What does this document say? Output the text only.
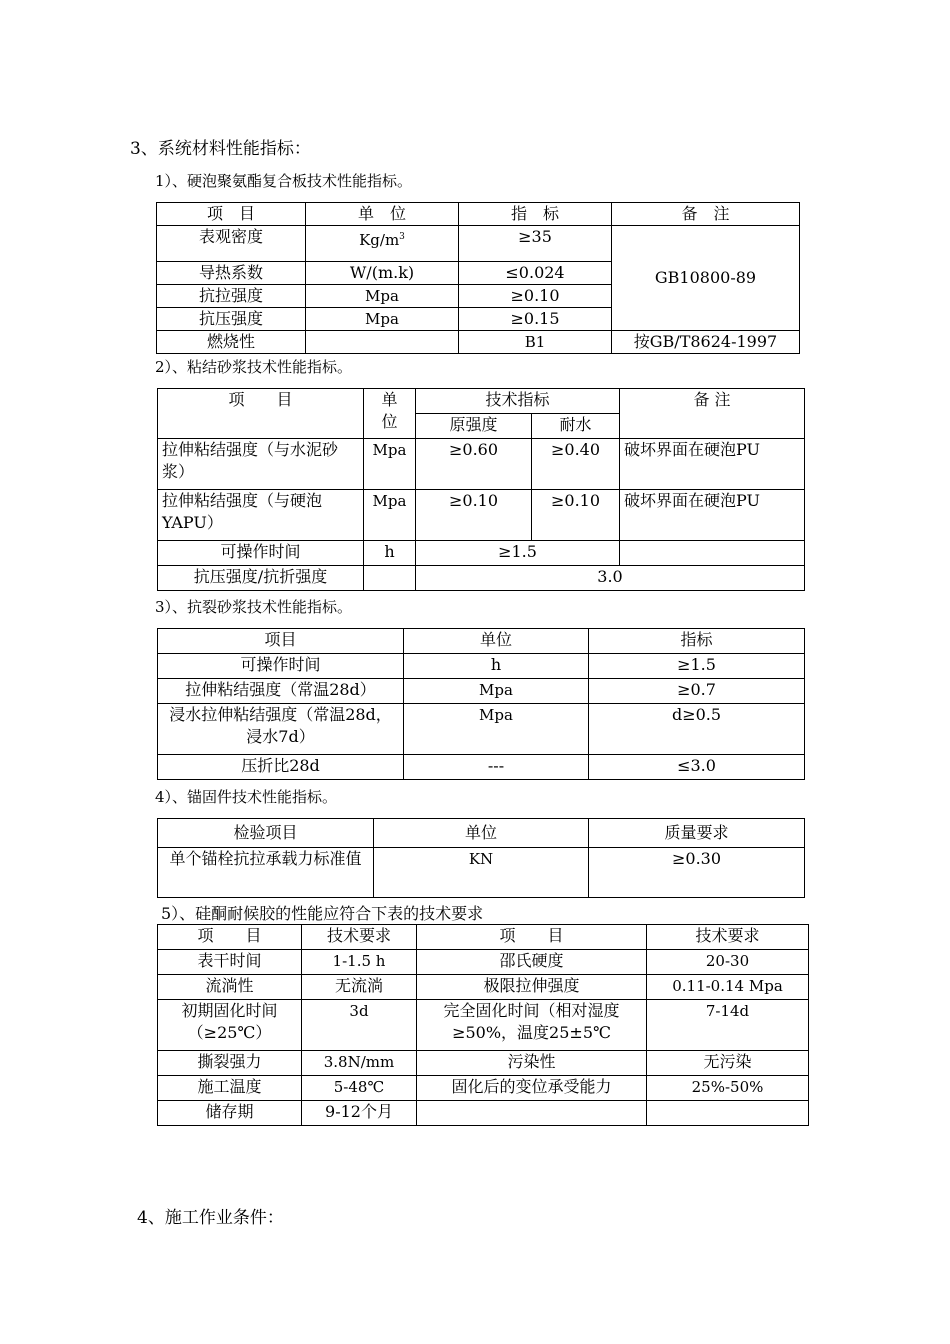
3、系统材料性能指标：
1）、硬泡聚氨酯复合板技术性能指标。
项　目	单　位	指　标	备　注
表观密度	$Kg/m^3$	≥35	GB10800-89
导热系数	W/(m.k)	≤0.024	
抗拉强度	Mpa	≥0.10	
抗压强度	Mpa	≥0.15	
燃烧性		B1	按GB/T8624-1997
2）、粘结砂浆技术性能指标。
项　　目	单位	技术指标		备 注
		原强度	耐水	
拉伸粘结强度（与水泥砂浆）	Mpa	≥0.60	≥0.40	破坏界面在硬泡PU
拉伸粘结强度（与硬泡YAPU）	Mpa	≥0.10	≥0.10	破坏界面在硬泡PU
可操作时间	h	≥1.5		
抗压强度/抗折强度		3.0		
3）、抗裂砂浆技术性能指标。
项目	单位	指标
可操作时间	h	≥1.5
拉伸粘结强度（常温28d）	Mpa	≥0.7
浸水拉伸粘结强度（常温28d，浸水7d）	Mpa	d≥0.5
压折比28d	---	≤3.0
4）、锚固件技术性能指标。
检验项目	单位	质量要求
单个锚栓抗拉承载力标准值	KN	≥0.30
5）、硅酮耐候胶的性能应符合下表的技术要求
项　　目	技术要求	项　　目	技术要求
表干时间	1-1.5 h	邵氏硬度	20-30
流淌性	无流淌	极限拉伸强度	0.11-0.14 Mpa
初期固化时间（≥25℃）	3d	完全固化时间（相对湿度≥50%，温度25±5℃	7-14d
撕裂强力	3.8N/mm	污染性	无污染
施工温度	5-48℃	固化后的变位承受能力	25%-50%
储存期	9-12个月		
4、施工作业条件：
